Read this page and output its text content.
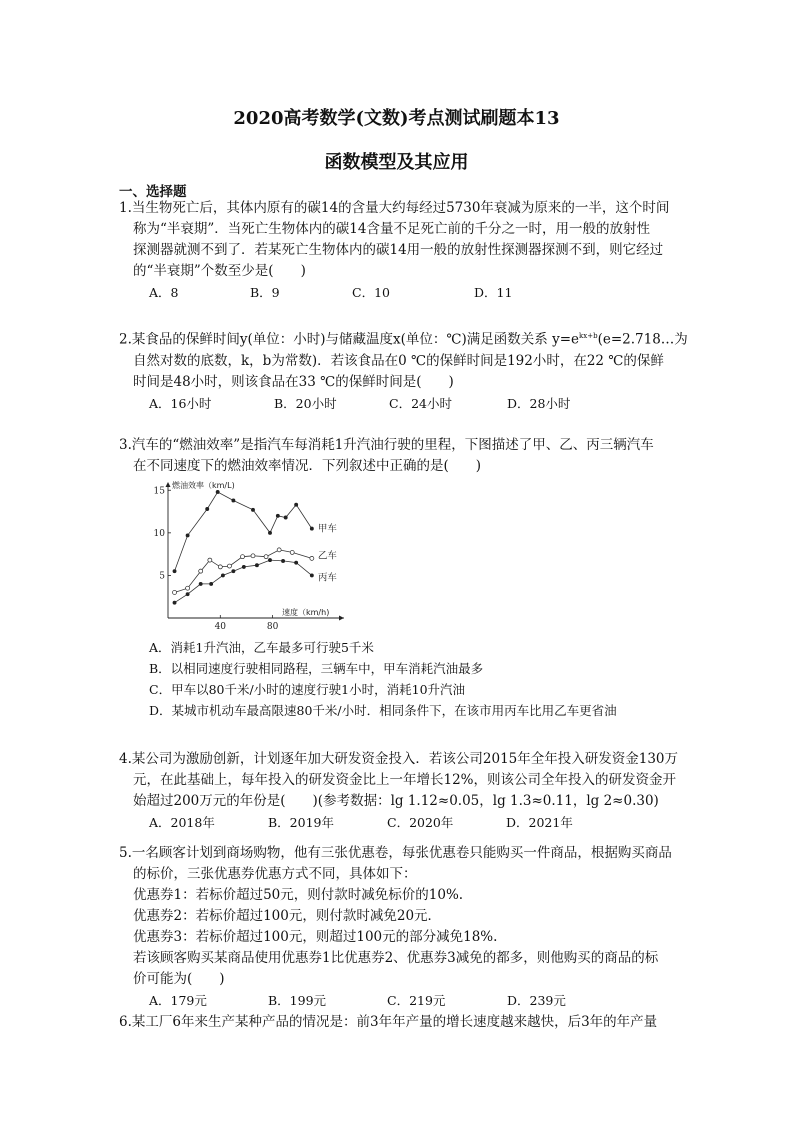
2020高考数学(文数)考点测试刷题本13
函数模型及其应用
一、选择题

1.当生物死亡后，其体内原有的碳14的含量大约每经过5730年衰减为原来的一半，这个时间

称为“半衰期”．当死亡生物体内的碳14含量不足死亡前的千分之一时，用一般的放射性

探测器就测不到了．若某死亡生物体内的碳14用一般的放射性探测器探测不到，则它经过

的“半衰期”个数至少是(　　)

A．8	B．9	C．10	D．11

2.某食品的保鲜时间y(单位：小时)与储藏温度x(单位：℃)满足函数关系 $y=e^{kx+b}(e=2.718\dots$为

自然对数的底数，k，b为常数)．若该食品在0 ℃的保鲜时间是192小时，在22 ℃的保鲜

时间是48小时，则该食品在33 ℃的保鲜时间是(　　)

A．16小时	B．20小时	C．24小时	D．28小时

3.汽车的“燃油效率”是指汽车每消耗1升汽油行驶的里程，下图描述了甲、乙、丙三辆汽车

在不同速度下的燃油效率情况．下列叙述中正确的是(　　)

燃油效率（km/L)
速度（km/h)
5
10
15
40	80
甲车
乙车
丙车
A．消耗1升汽油，乙车最多可行驶5千米
B．以相同速度行驶相同路程，三辆车中，甲车消耗汽油最多
C．甲车以80千米/小时的速度行驶1小时，消耗10升汽油
D．某城市机动车最高限速80千米/小时．相同条件下，在该市用丙车比用乙车更省油

4.某公司为激励创新，计划逐年加大研发资金投入．若该公司2015年全年投入研发资金130万

元，在此基础上，每年投入的研发资金比上一年增长12%，则该公司全年投入的研发资金开

始超过200万元的年份是(　　)(参考数据：lg 1.12≈0.05，lg 1.3≈0.11，lg 2≈0.30)

A．2018年	B．2019年	C．2020年	D．2021年

5.一名顾客计划到商场购物，他有三张优惠卷，每张优惠卷只能购买一件商品，根据购买商品

的标价，三张优惠券优惠方式不同，具体如下：

优惠券1：若标价超过50元，则付款时减免标价的10%.

优惠券2：若标价超过100元，则付款时减免20元．

优惠券3：若标价超过100元，则超过100元的部分减免18%.

若该顾客购买某商品使用优惠券1比优惠券2、优惠券3减免的都多，则他购买的商品的标

价可能为(　　)

A．179元	B．199元	C．219元	D．239元

6.某工厂6年来生产某种产品的情况是：前3年年产量的增长速度越来越快，后3年的年产量
